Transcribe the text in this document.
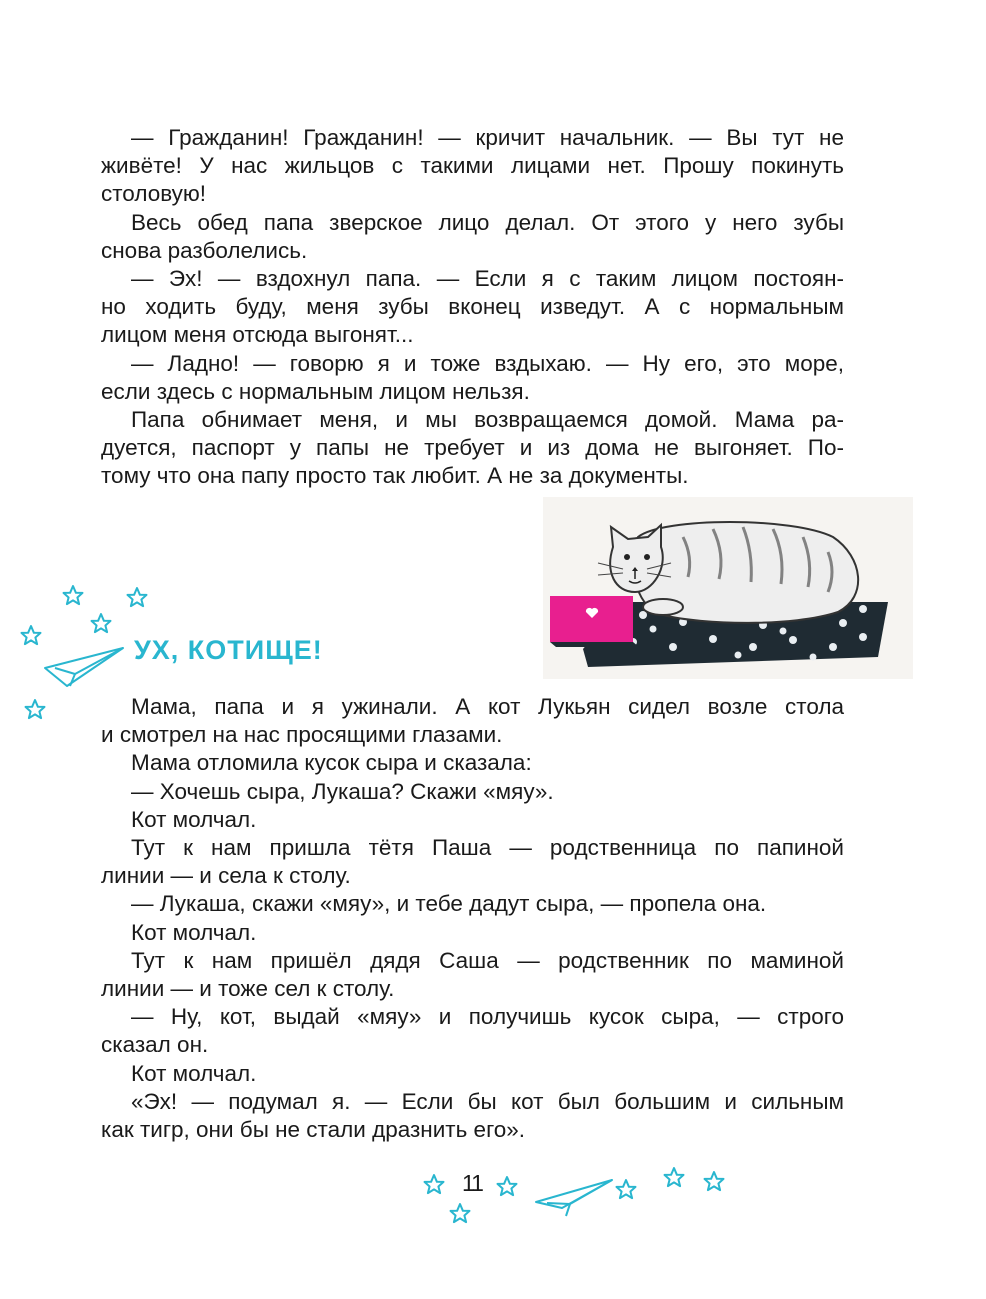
— Гражданин! Гражданин! — кричит начальник. — Вы тут не
живёте! У нас жильцов с такими лицами нет. Прошу покинуть
столовую!
Весь обед папа зверское лицо делал. От этого у него зубы
снова разболелись.
— Эх! — вздохнул папа. — Если я с таким лицом постоян-
но ходить буду, меня зубы вконец изведут. А с нормальным
лицом меня отсюда выгонят...
— Ладно! — говорю я и тоже вздыхаю. — Ну его, это море,
если здесь с нормальным лицом нельзя.
Папа обнимает меня, и мы возвращаемся домой. Мама ра-
дуется, паспорт у папы не требует и из дома не выгоняет. По-
тому что она папу просто так любит. А не за документы.
УХ, КОТИЩЕ!
Мама, папа и я ужинали. А кот Лукьян сидел возле стола
и смотрел на нас просящими глазами.
Мама отломила кусок сыра и сказала:
— Хочешь сыра, Лукаша? Скажи «мяу».
Кот молчал.
Тут к нам пришла тётя Паша — родственница по папиной
линии — и села к столу.
— Лукаша, скажи «мяу», и тебе дадут сыра, — пропела она.
Кот молчал.
Тут к нам пришёл дядя Саша — родственник по маминой
линии — и тоже сел к столу.
— Ну, кот, выдай «мяу» и получишь кусок сыра, — строго
сказал он.
Кот молчал.
«Эх! — подумал я. — Если бы кот был большим и сильным
как тигр, они бы не стали дразнить его».
11
